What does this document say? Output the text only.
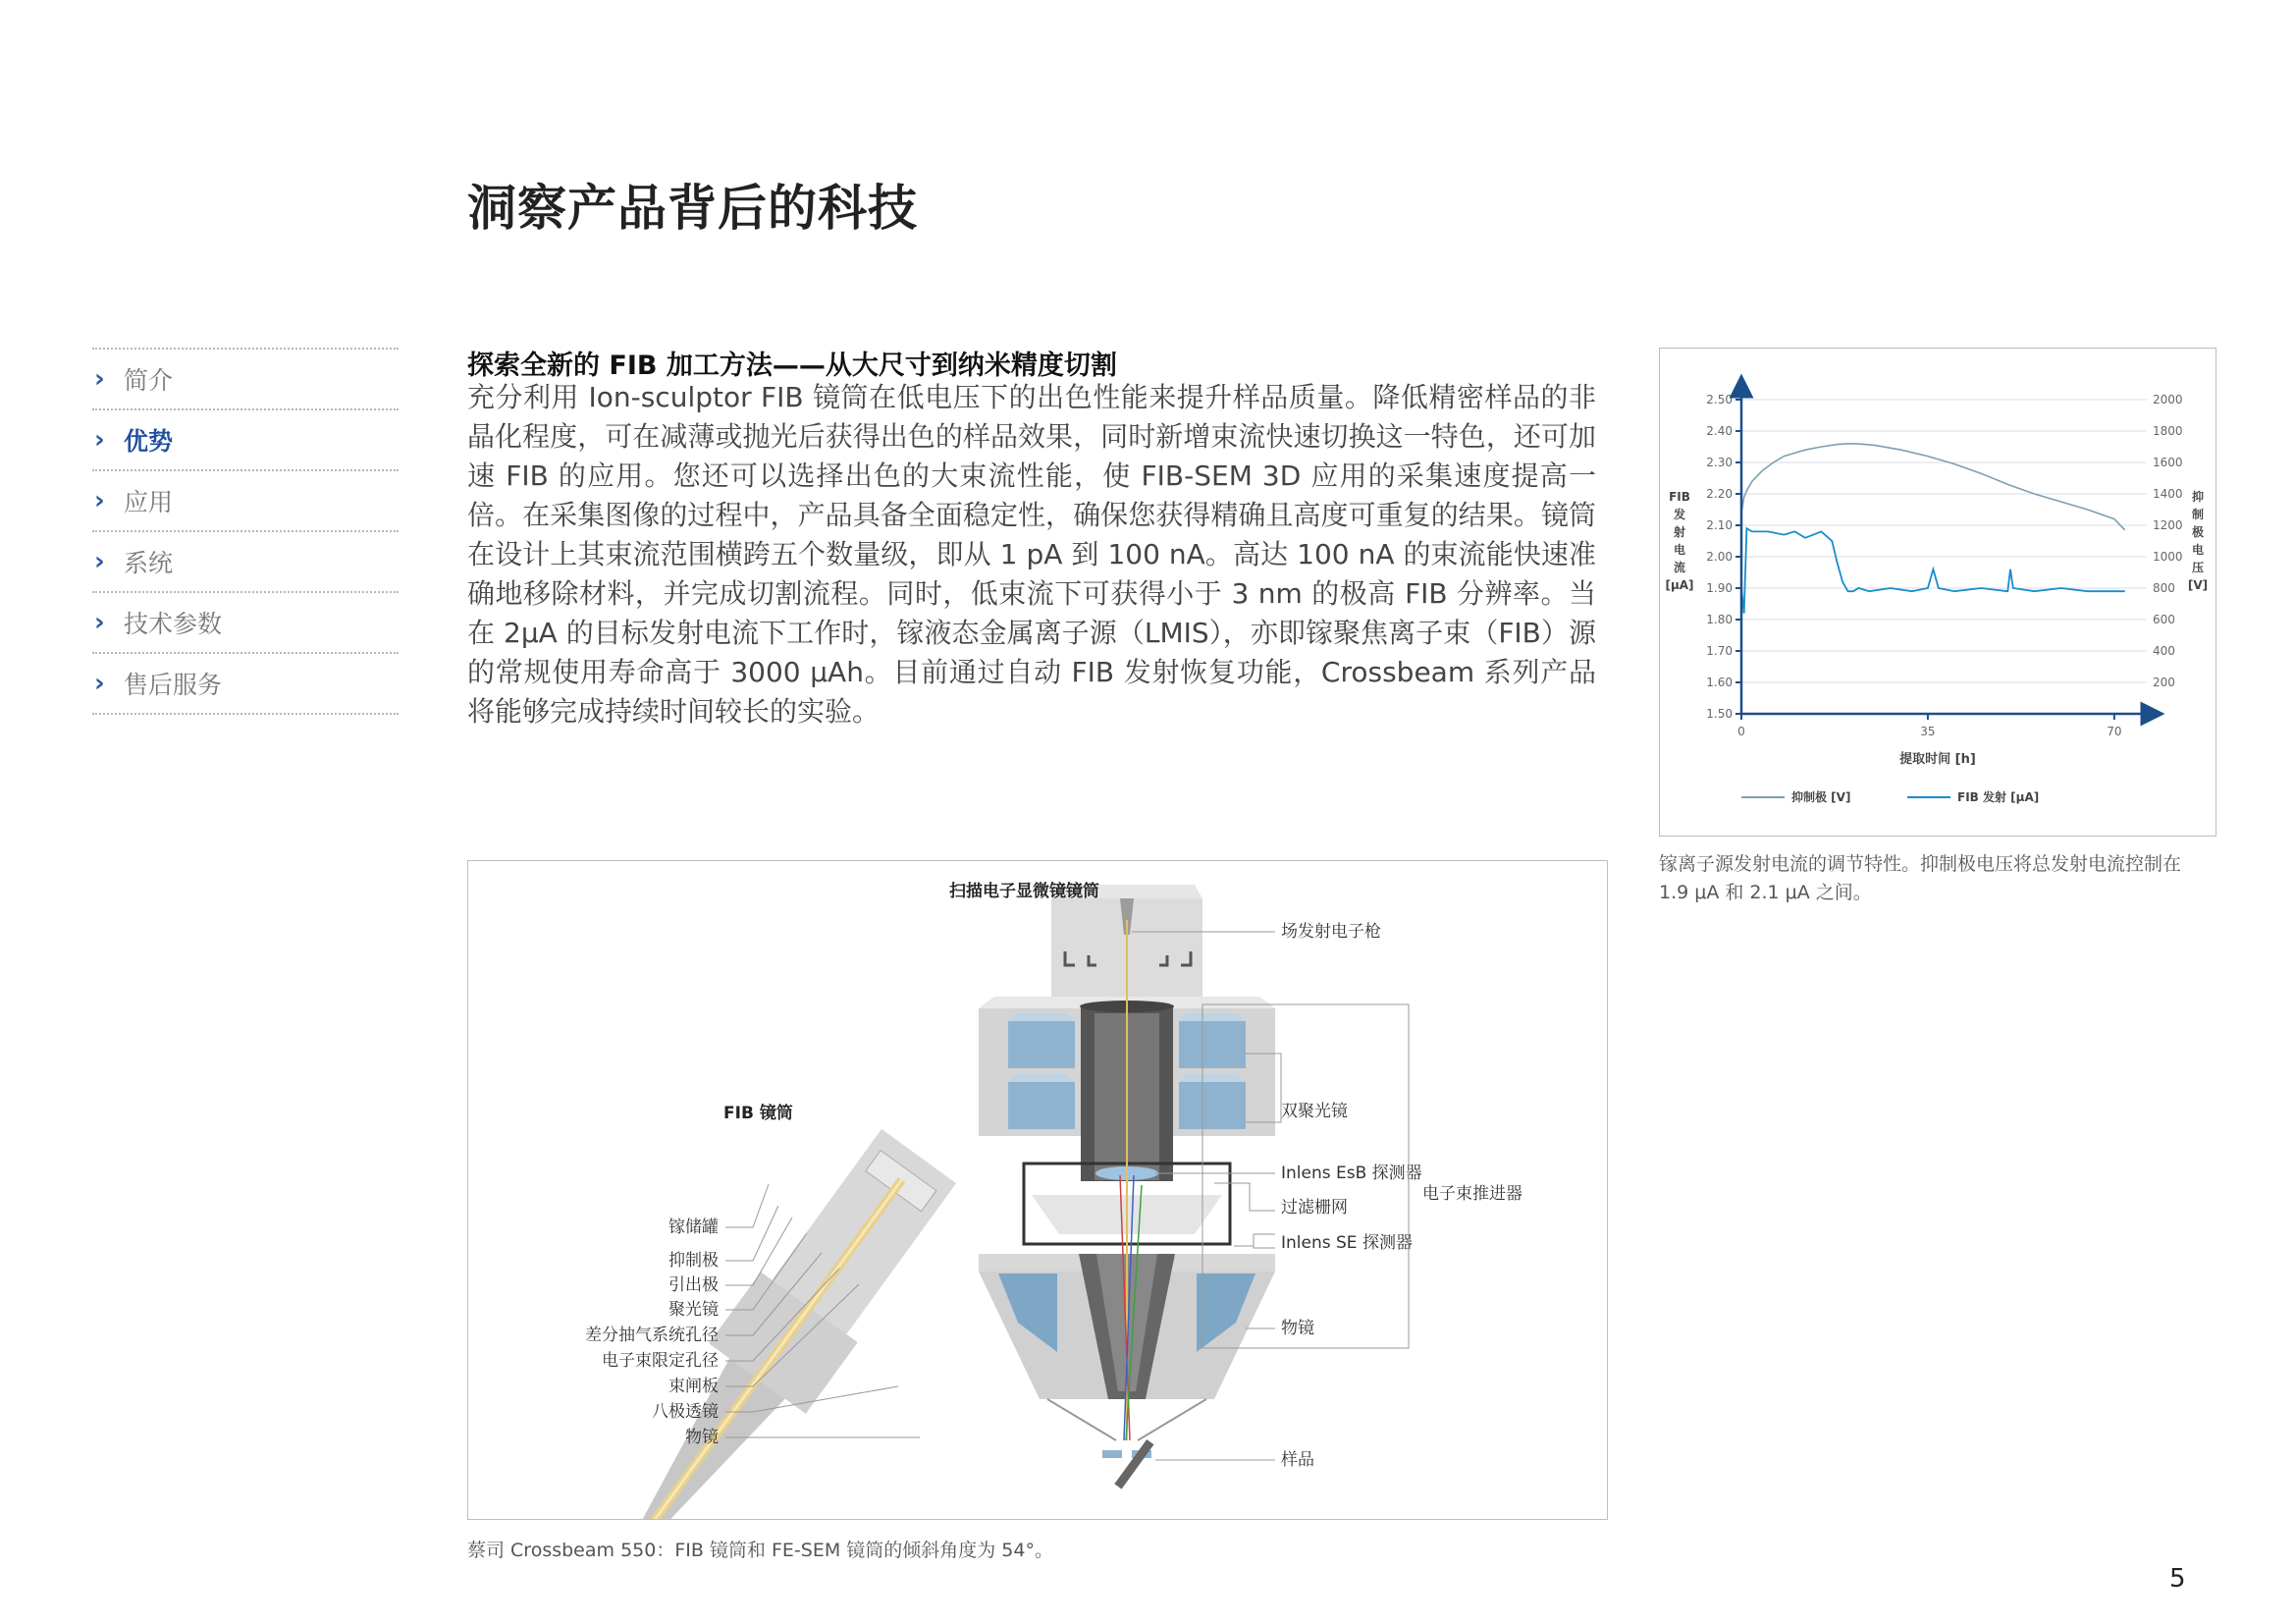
洞察产品背后的科技
› 简介
› 优势
› 应用
› 系统
› 技术参数
› 售后服务
探索全新的 FIB 加工方法——从大尺寸到纳米精度切割
充分利用 Ion-sculptor FIB 镜筒在低电压下的出色性能来提升样品质量。降低精密样品的非晶化程度，可在减薄或抛光后获得出色的样品效果，同时新增束流快速切换这一特色，还可加速 FIB 的应用。您还可以选择出色的大束流性能，使 FIB-SEM 3D 应用的采集速度提高一倍。在采集图像的过程中，产品具备全面稳定性，确保您获得精确且高度可重复的结果。镜筒在设计上其束流范围横跨五个数量级，即从 1 pA 到 100 nA。高达 100 nA 的束流能快速准确地移除材料，并完成切割流程。同时，低束流下可获得小于 3 nm 的极高 FIB 分辨率。当在 2μA 的目标发射电流下工作时，镓液态金属离子源（LMIS），亦即镓聚焦离子束（FIB）源的常规使用寿命高于 3000 μAh。目前通过自动 FIB 发射恢复功能，Crossbeam 系列产品将能够完成持续时间较长的实验。	1.50
1.60
1.70
1.80
1.90
2.00
2.10
2.20
2.30
2.40
2.50
200
400
600
800
1000
1200
1400
1600
1800
2000
0	35	70
FIB 发射电流[μA]
抑制极电压[V]
提取时间 [h]
抑制极 [V]	FIB 发射 [μA]
镓离子源发射电流的调节特性。抑制极电压将总发射电流控制在 1.9 μA 和 2.1 μA 之间。
扫描电子显微镜镜筒
场发射电子枪
双聚光镜
Inlens EsB 探测器
过滤栅网
Inlens SE 探测器
电子束推进器
物镜
样品
FIB 镜筒
镓储罐
抑制极
引出极
聚光镜
差分抽气系统孔径
电子束限定孔径
束闸板
八极透镜
物镜
蔡司 Crossbeam 550：FIB 镜筒和 FE-SEM 镜筒的倾斜角度为 54°。
5
